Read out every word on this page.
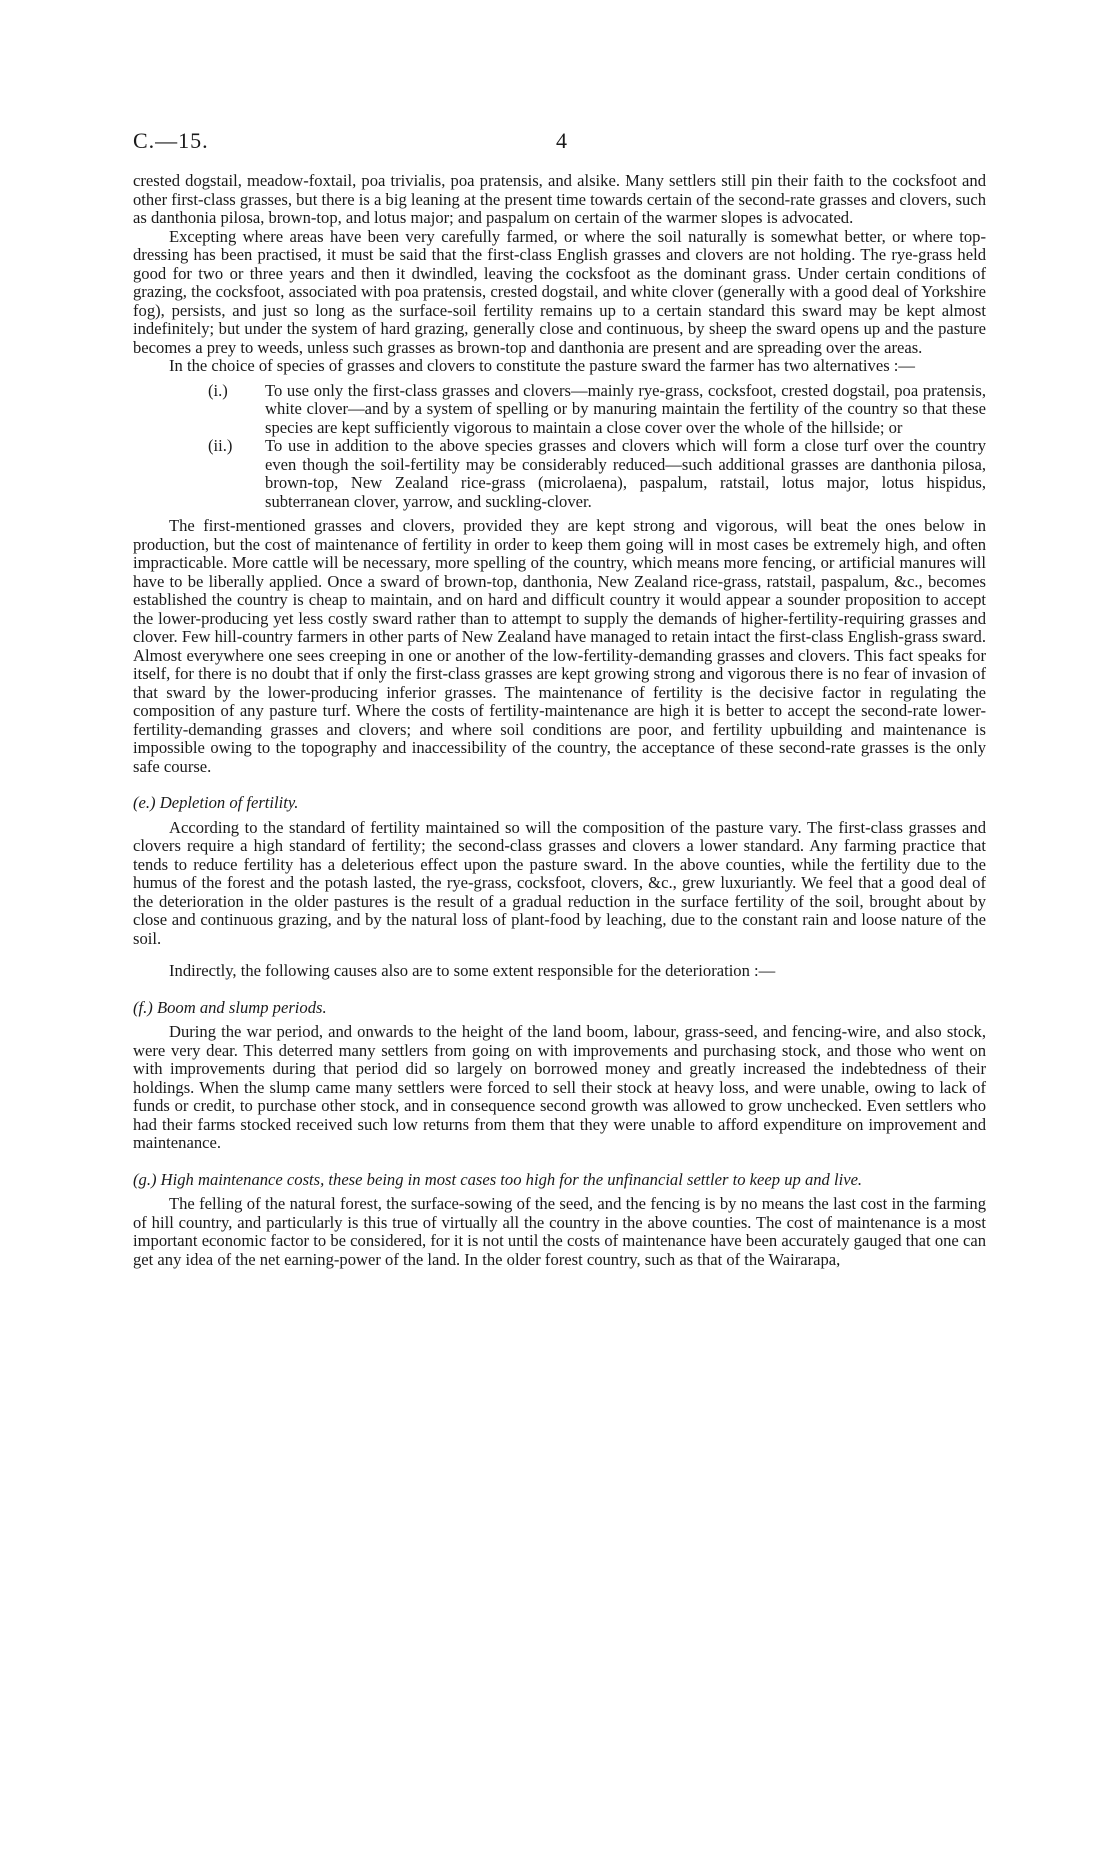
C.—15.	4

crested dogstail, meadow-foxtail, poa trivialis, poa pratensis, and alsike. Many settlers still pin their faith to the cocksfoot and other first-class grasses, but there is a big leaning at the present time towards certain of the second-rate grasses and clovers, such as danthonia pilosa, brown-top, and lotus major; and paspalum on certain of the warmer slopes is advocated.

Excepting where areas have been very carefully farmed, or where the soil naturally is somewhat better, or where top-dressing has been practised, it must be said that the first-class English grasses and clovers are not holding. The rye-grass held good for two or three years and then it dwindled, leaving the cocksfoot as the dominant grass. Under certain conditions of grazing, the cocksfoot, associated with poa pratensis, crested dogstail, and white clover (generally with a good deal of Yorkshire fog), persists, and just so long as the surface-soil fertility remains up to a certain standard this sward may be kept almost indefinitely; but under the system of hard grazing, generally close and continuous, by sheep the sward opens up and the pasture becomes a prey to weeds, unless such grasses as brown-top and danthonia are present and are spreading over the areas.

In the choice of species of grasses and clovers to constitute the pasture sward the farmer has two alternatives :—

(i.) To use only the first-class grasses and clovers—mainly rye-grass, cocksfoot, crested dogstail, poa pratensis, white clover—and by a system of spelling or by manuring maintain the fertility of the country so that these species are kept sufficiently vigorous to maintain a close cover over the whole of the hillside; or
(ii.) To use in addition to the above species grasses and clovers which will form a close turf over the country even though the soil-fertility may be considerably reduced—such additional grasses are danthonia pilosa, brown-top, New Zealand rice-grass (microlaena), paspalum, ratstail, lotus major, lotus hispidus, subterranean clover, yarrow, and suckling-clover.

The first-mentioned grasses and clovers, provided they are kept strong and vigorous, will beat the ones below in production, but the cost of maintenance of fertility in order to keep them going will in most cases be extremely high, and often impracticable. More cattle will be necessary, more spelling of the country, which means more fencing, or artificial manures will have to be liberally applied. Once a sward of brown-top, danthonia, New Zealand rice-grass, ratstail, paspalum, &c., becomes established the country is cheap to maintain, and on hard and difficult country it would appear a sounder proposition to accept the lower-producing yet less costly sward rather than to attempt to supply the demands of higher-fertility-requiring grasses and clover. Few hill-country farmers in other parts of New Zealand have managed to retain intact the first-class English-grass sward. Almost everywhere one sees creeping in one or another of the low-fertility-demanding grasses and clovers. This fact speaks for itself, for there is no doubt that if only the first-class grasses are kept growing strong and vigorous there is no fear of invasion of that sward by the lower-producing inferior grasses. The maintenance of fertility is the decisive factor in regulating the composition of any pasture turf. Where the costs of fertility-maintenance are high it is better to accept the second-rate lower-fertility-demanding grasses and clovers; and where soil conditions are poor, and fertility upbuilding and maintenance is impossible owing to the topography and inaccessibility of the country, the acceptance of these second-rate grasses is the only safe course.

(e.) Depletion of fertility.

According to the standard of fertility maintained so will the composition of the pasture vary. The first-class grasses and clovers require a high standard of fertility; the second-class grasses and clovers a lower standard. Any farming practice that tends to reduce fertility has a deleterious effect upon the pasture sward. In the above counties, while the fertility due to the humus of the forest and the potash lasted, the rye-grass, cocksfoot, clovers, &c., grew luxuriantly. We feel that a good deal of the deterioration in the older pastures is the result of a gradual reduction in the surface fertility of the soil, brought about by close and continuous grazing, and by the natural loss of plant-food by leaching, due to the constant rain and loose nature of the soil.

Indirectly, the following causes also are to some extent responsible for the deterioration :—

(f.) Boom and slump periods.

During the war period, and onwards to the height of the land boom, labour, grass-seed, and fencing-wire, and also stock, were very dear. This deterred many settlers from going on with improvements and purchasing stock, and those who went on with improvements during that period did so largely on borrowed money and greatly increased the indebtedness of their holdings. When the slump came many settlers were forced to sell their stock at heavy loss, and were unable, owing to lack of funds or credit, to purchase other stock, and in consequence second growth was allowed to grow unchecked. Even settlers who had their farms stocked received such low returns from them that they were unable to afford expenditure on improvement and maintenance.

(g.) High maintenance costs, these being in most cases too high for the unfinancial settler to keep up and live.

The felling of the natural forest, the surface-sowing of the seed, and the fencing is by no means the last cost in the farming of hill country, and particularly is this true of virtually all the country in the above counties. The cost of maintenance is a most important economic factor to be considered, for it is not until the costs of maintenance have been accurately gauged that one can get any idea of the net earning-power of the land. In the older forest country, such as that of the Wairarapa,
